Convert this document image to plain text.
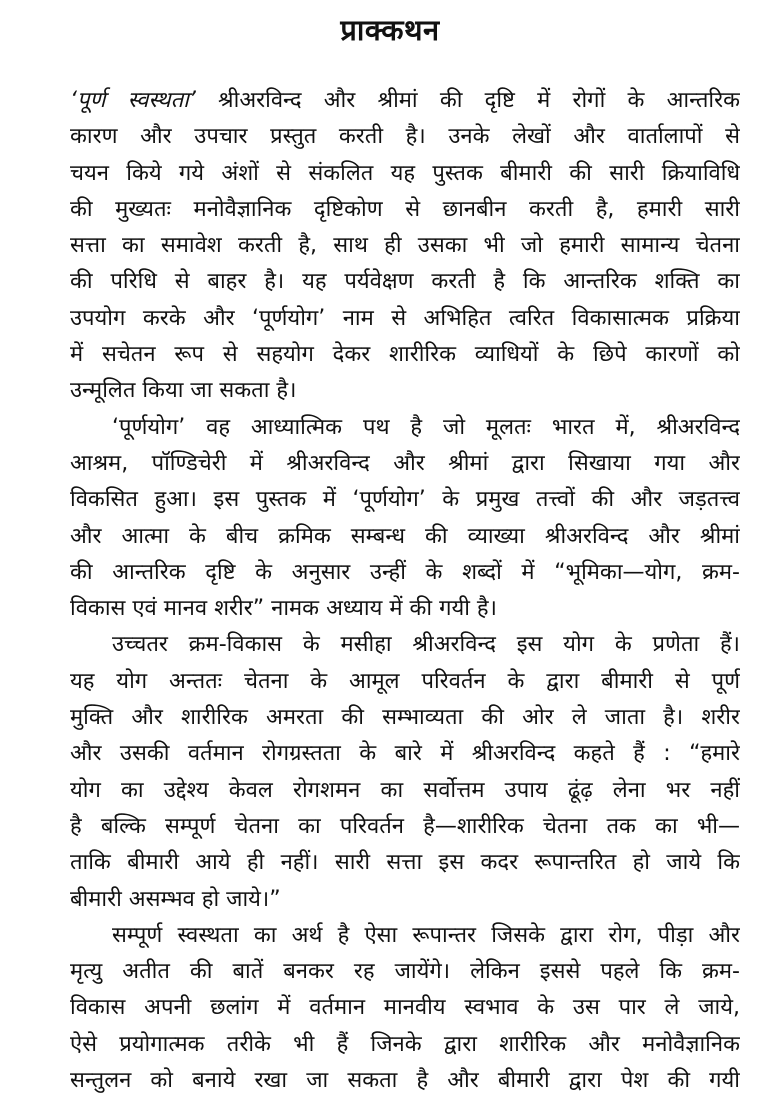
प्राक्कथन
‘पूर्ण स्वस्थता’ श्रीअरविन्द और श्रीमां की दृष्टि में रोगों के आन्तरिक
कारण और उपचार प्रस्तुत करती है। उनके लेखों और वार्तालापों से
चयन किये गये अंशों से संकलित यह पुस्तक बीमारी की सारी क्रियाविधि
की मुख्यतः मनोवैज्ञानिक दृष्टिकोण से छानबीन करती है, हमारी सारी
सत्ता का समावेश करती है, साथ ही उसका भी जो हमारी सामान्य चेतना
की परिधि से बाहर है। यह पर्यवेक्षण करती है कि आन्तरिक शक्ति का
उपयोग करके और ‘पूर्णयोग’ नाम से अभिहित त्वरित विकासात्मक प्रक्रिया
में सचेतन रूप से सहयोग देकर शारीरिक व्याधियों के छिपे कारणों को
उन्मूलित किया जा सकता है।
‘पूर्णयोग’ वह आध्यात्मिक पथ है जो मूलतः भारत में, श्रीअरविन्द
आश्रम, पॉण्डिचेरी में श्रीअरविन्द और श्रीमां द्वारा सिखाया गया और
विकसित हुआ। इस पुस्तक में ‘पूर्णयोग’ के प्रमुख तत्त्वों की और जड़तत्त्व
और आत्मा के बीच क्रमिक सम्बन्ध की व्याख्या श्रीअरविन्द और श्रीमां
की आन्तरिक दृष्टि के अनुसार उन्हीं के शब्दों में “भूमिका—योग, क्रम-
विकास एवं मानव शरीर” नामक अध्याय में की गयी है।
उच्चतर क्रम-विकास के मसीहा श्रीअरविन्द इस योग के प्रणेता हैं।
यह योग अन्ततः चेतना के आमूल परिवर्तन के द्वारा बीमारी से पूर्ण
मुक्ति और शारीरिक अमरता की सम्भाव्यता की ओर ले जाता है। शरीर
और उसकी वर्तमान रोगग्रस्तता के बारे में श्रीअरविन्द कहते हैं : “हमारे
योग का उद्देश्य केवल रोगशमन का सर्वोत्तम उपाय ढूंढ़ लेना भर नहीं
है बल्कि सम्पूर्ण चेतना का परिवर्तन है—शारीरिक चेतना तक का भी—
ताकि बीमारी आये ही नहीं। सारी सत्ता इस कदर रूपान्तरित हो जाये कि
बीमारी असम्भव हो जाये।”
सम्पूर्ण स्वस्थता का अर्थ है ऐसा रूपान्तर जिसके द्वारा रोग, पीड़ा और
मृत्यु अतीत की बातें बनकर रह जायेंगे। लेकिन इससे पहले कि क्रम-
विकास अपनी छलांग में वर्तमान मानवीय स्वभाव के उस पार ले जाये,
ऐसे प्रयोगात्मक तरीके भी हैं जिनके द्वारा शारीरिक और मनोवैज्ञानिक
सन्तुलन को बनाये रखा जा सकता है और बीमारी द्वारा पेश की गयी
